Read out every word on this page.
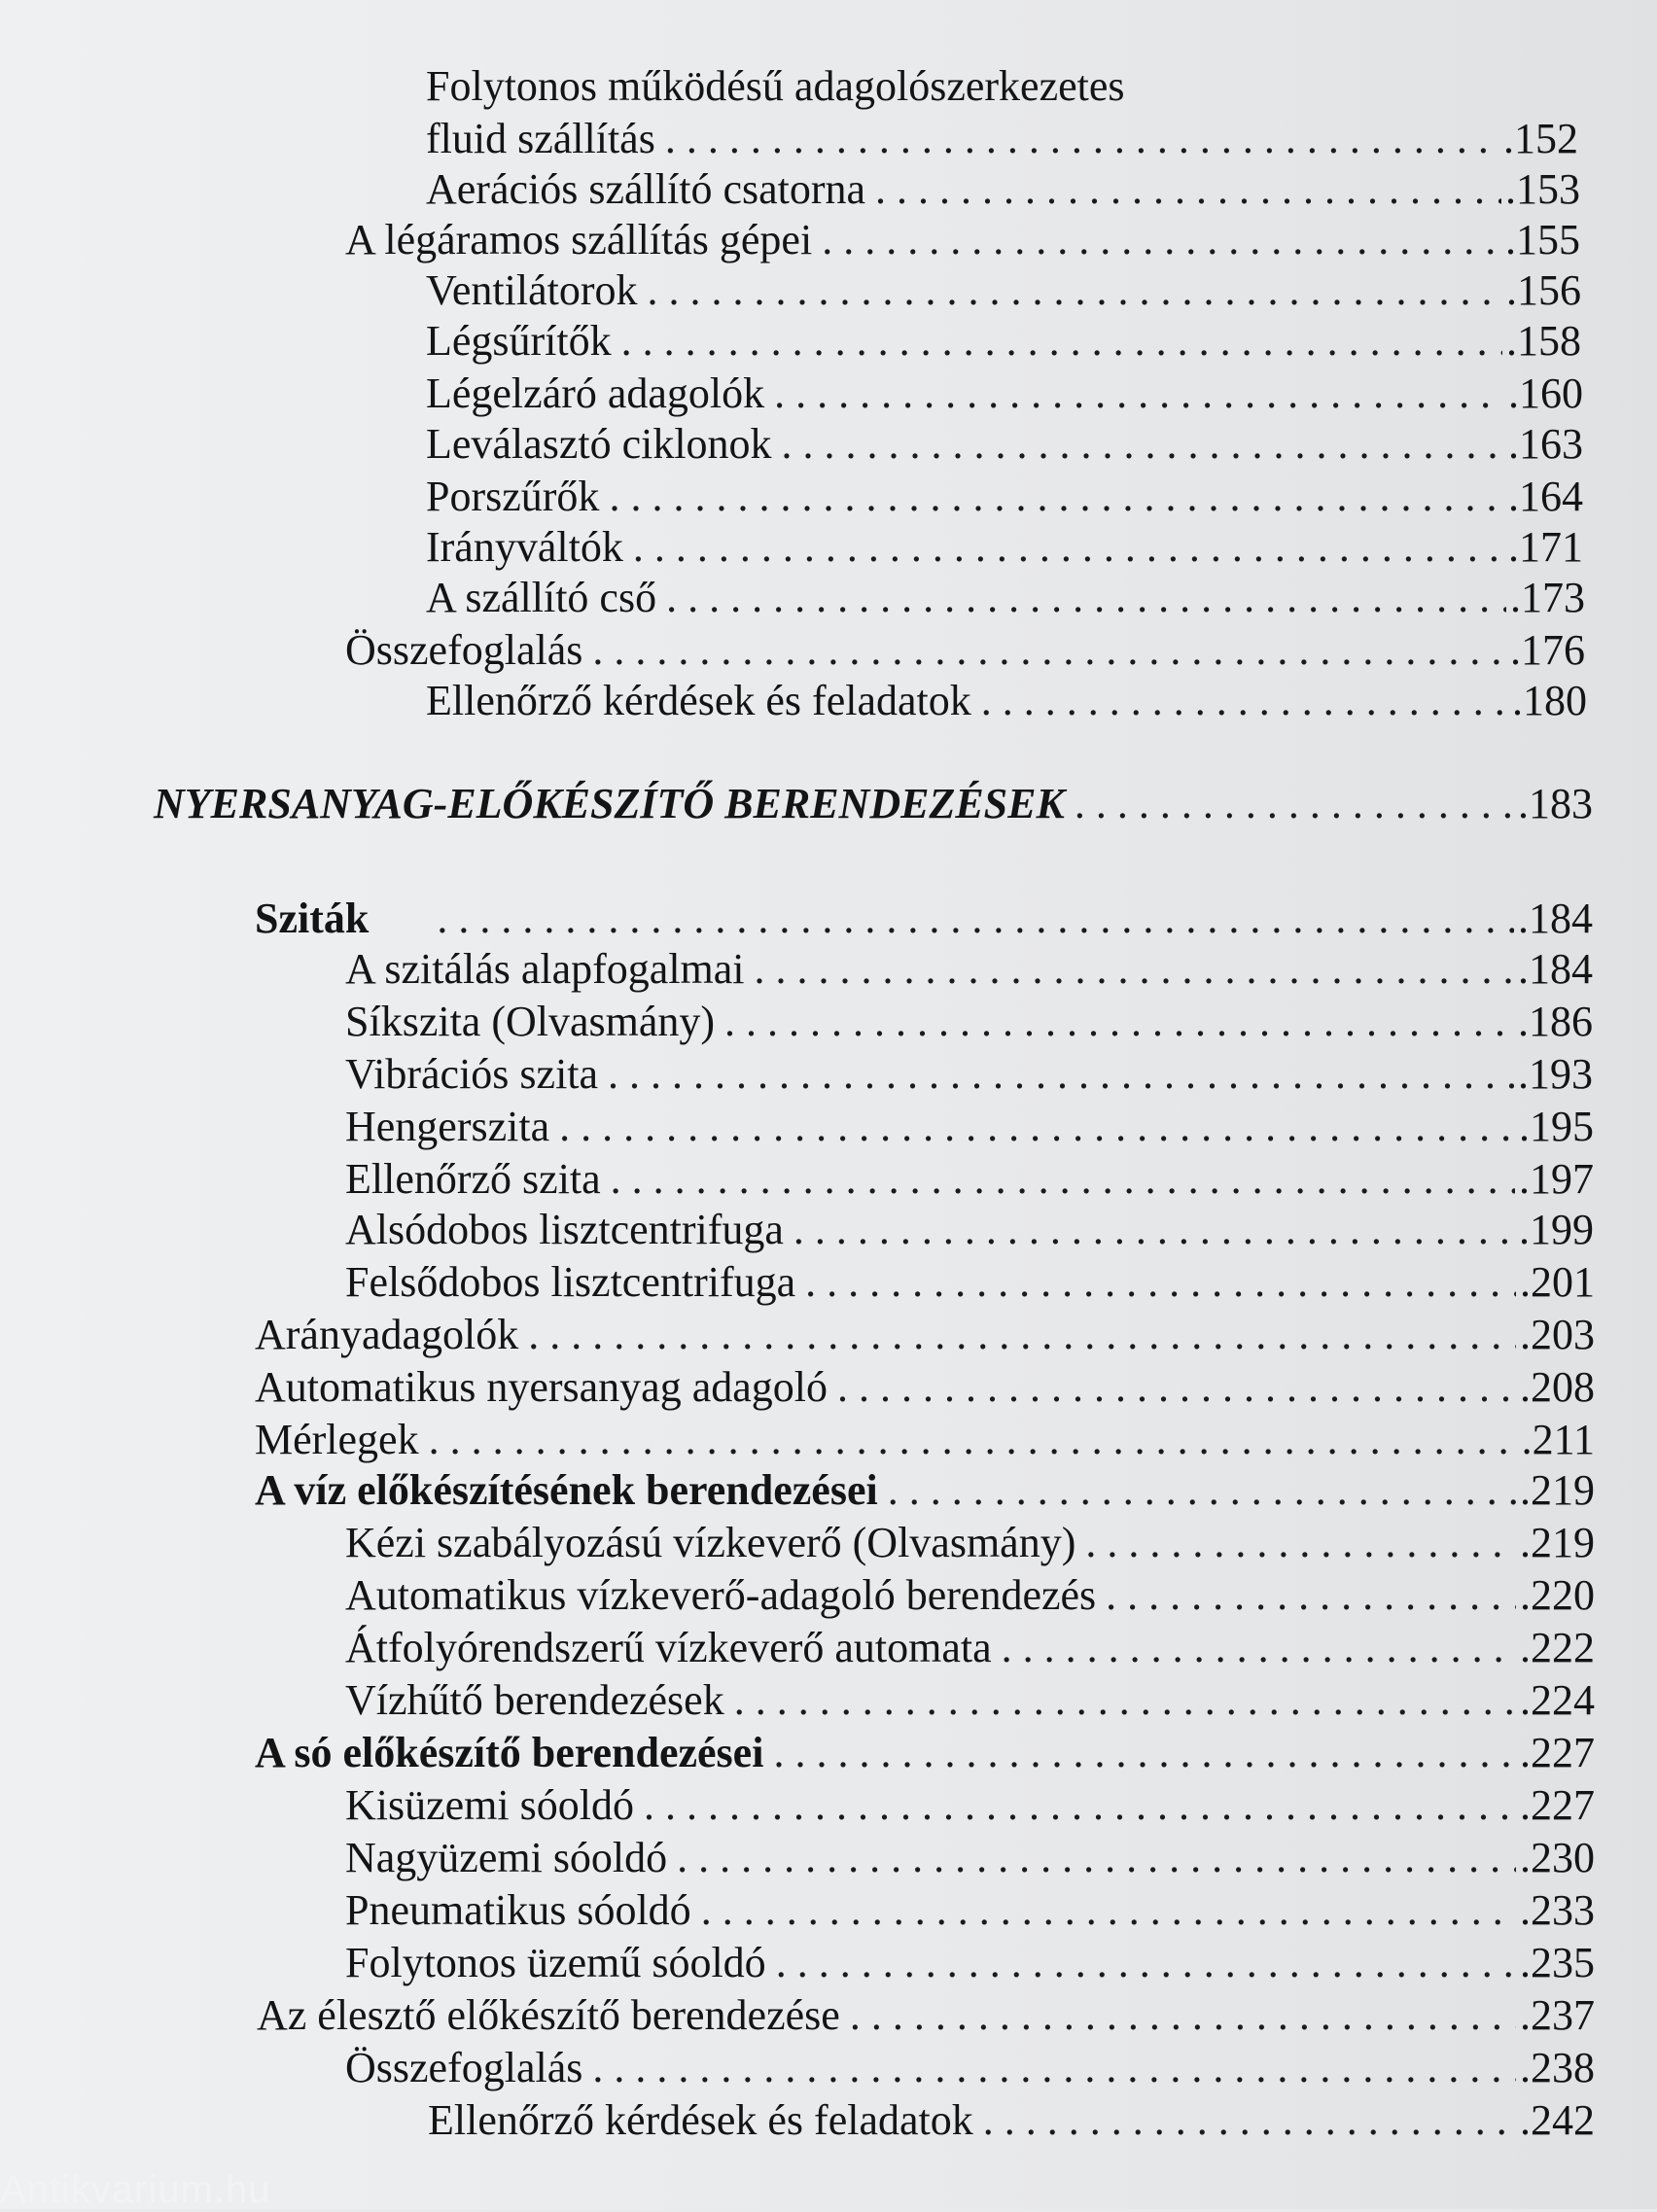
Folytonos működésű adagolószerkezetes
fluid szállítás . . .	.152
Aerációs szállító csatorna . . .	.153
A légáramos szállítás gépei . . .	.155
Ventilátorok . . .	.156
Légsűrítők . . .	.158
Légelzáró adagolók . . .	.160
Leválasztó ciklonok . . .	.163
Porszűrők . . .	.164
Irányváltók . . .	.171
A szállító cső . . .	.173
Összefoglalás . . .	.176
Ellenőrző kérdések és feladatok . . .	.180
NYERSANYAG-ELŐKÉSZÍTŐ BERENDEZÉSEK . . .	.183
Sziták . . .	.184
A szitálás alapfogalmai . . .	.184
Síkszita (Olvasmány) . . .	.186
Vibrációs szita . . .	.193
Hengerszita . . .	.195
Ellenőrző szita . . .	.197
Alsódobos lisztcentrifuga . . .	.199
Felsődobos lisztcentrifuga . . .	.201
Arányadagolók . . .	.203
Automatikus nyersanyag adagoló . . .	.208
Mérlegek . . .	.211
A víz előkészítésének berendezései . . .	.219
Kézi szabályozású vízkeverő (Olvasmány) . . .	.219
Automatikus vízkeverő-adagoló berendezés . . .	.220
Átfolyórendszerű vízkeverő automata . . .	.222
Vízhűtő berendezések . . .	.224
A só előkészítő berendezései . . .	.227
Kisüzemi sóoldó . . .	.227
Nagyüzemi sóoldó . . .	.230
Pneumatikus sóoldó . . .	.233
Folytonos üzemű sóoldó . . .	.235
Az élesztő előkészítő berendezése . . .	.237
Összefoglalás . . .	.238
Ellenőrző kérdések és feladatok . . .	.242
Antikvarium.hu
